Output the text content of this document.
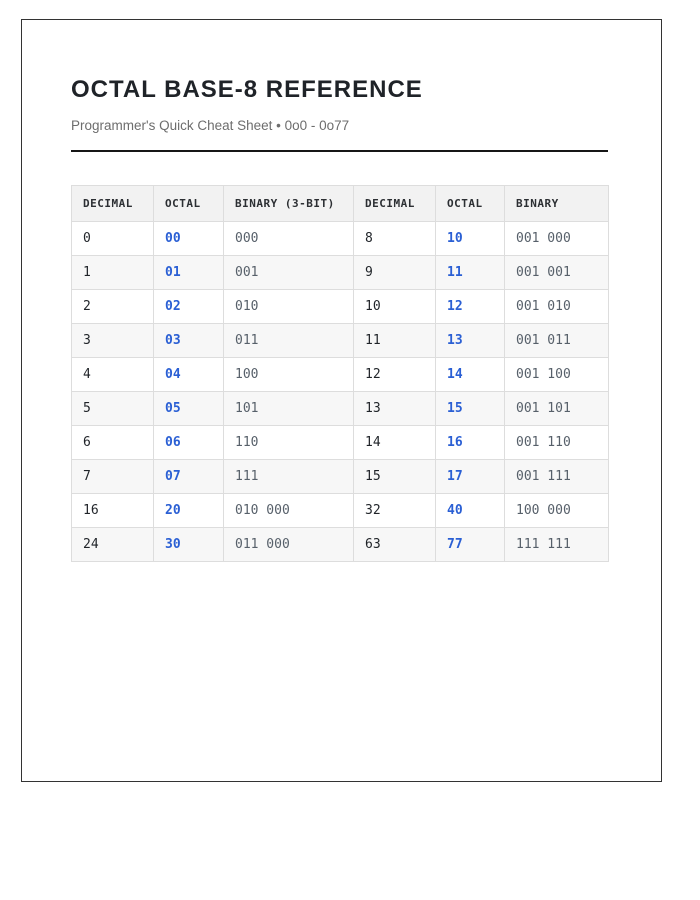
OCTAL BASE-8 REFERENCE
Programmer's Quick Cheat Sheet • 0o0 - 0o77
DECIMAL	OCTAL	BINARY (3-BIT)	DECIMAL	OCTAL	BINARY
0	00	000	8	10	001 000
1	01	001	9	11	001 001
2	02	010	10	12	001 010
3	03	011	11	13	001 011
4	04	100	12	14	001 100
5	05	101	13	15	001 101
6	06	110	14	16	001 110
7	07	111	15	17	001 111
16	20	010 000	32	40	100 000
24	30	011 000	63	77	111 111
